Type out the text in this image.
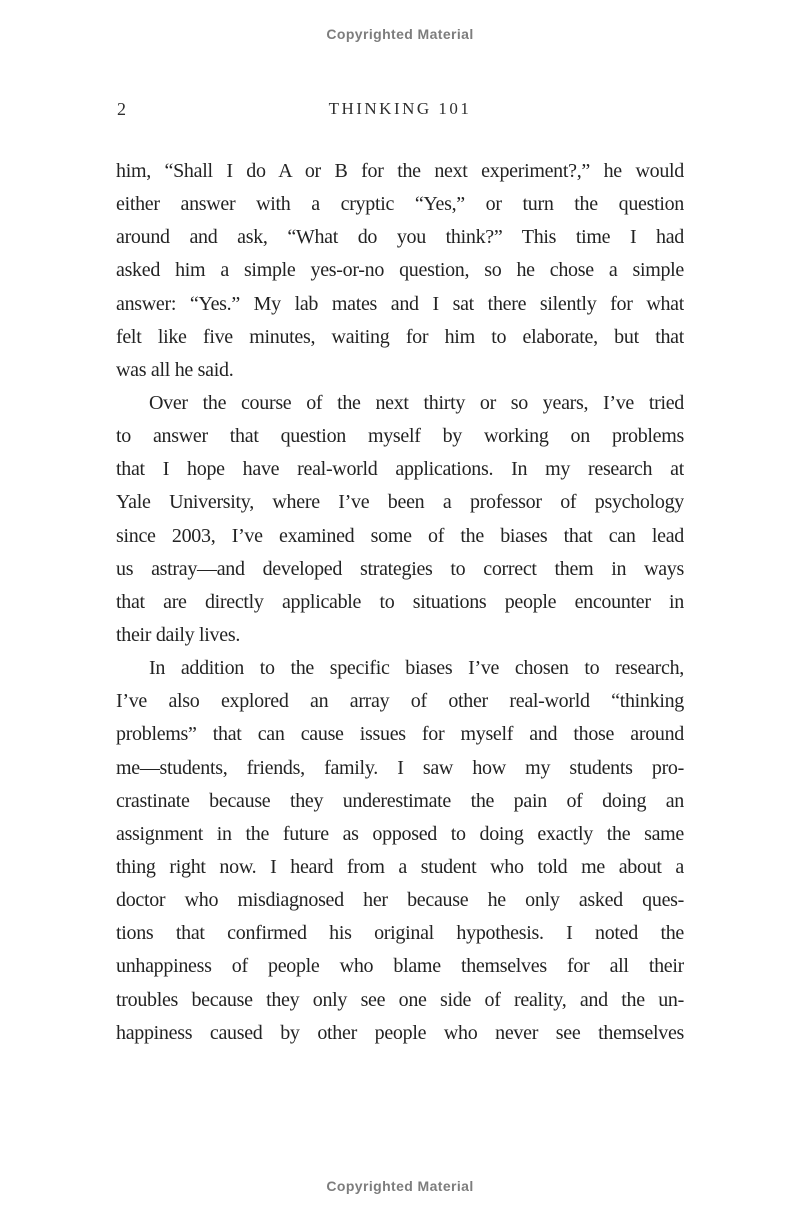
Copyrighted Material
2	THINKING 101
him, “Shall I do A or B for the next experiment?,” he would
either answer with a cryptic “Yes,” or turn the question
around and ask, “What do you think?” This time I had
asked him a simple yes-or-no question, so he chose a simple
answer: “Yes.” My lab mates and I sat there silently for what
felt like five minutes, waiting for him to elaborate, but that
was all he said.
Over the course of the next thirty or so years, I’ve tried
to answer that question myself by working on problems
that I hope have real-world applications. In my research at
Yale University, where I’ve been a professor of psychology
since 2003, I’ve examined some of the biases that can lead
us astray—and developed strategies to correct them in ways
that are directly applicable to situations people encounter in
their daily lives.
In addition to the specific biases I’ve chosen to research,
I’ve also explored an array of other real-world “thinking
problems” that can cause issues for myself and those around
me—students, friends, family. I saw how my students pro-
crastinate because they underestimate the pain of doing an
assignment in the future as opposed to doing exactly the same
thing right now. I heard from a student who told me about a
doctor who misdiagnosed her because he only asked ques-
tions that confirmed his original hypothesis. I noted the
unhappiness of people who blame themselves for all their
troubles because they only see one side of reality, and the un-
happiness caused by other people who never see themselves
Copyrighted Material
